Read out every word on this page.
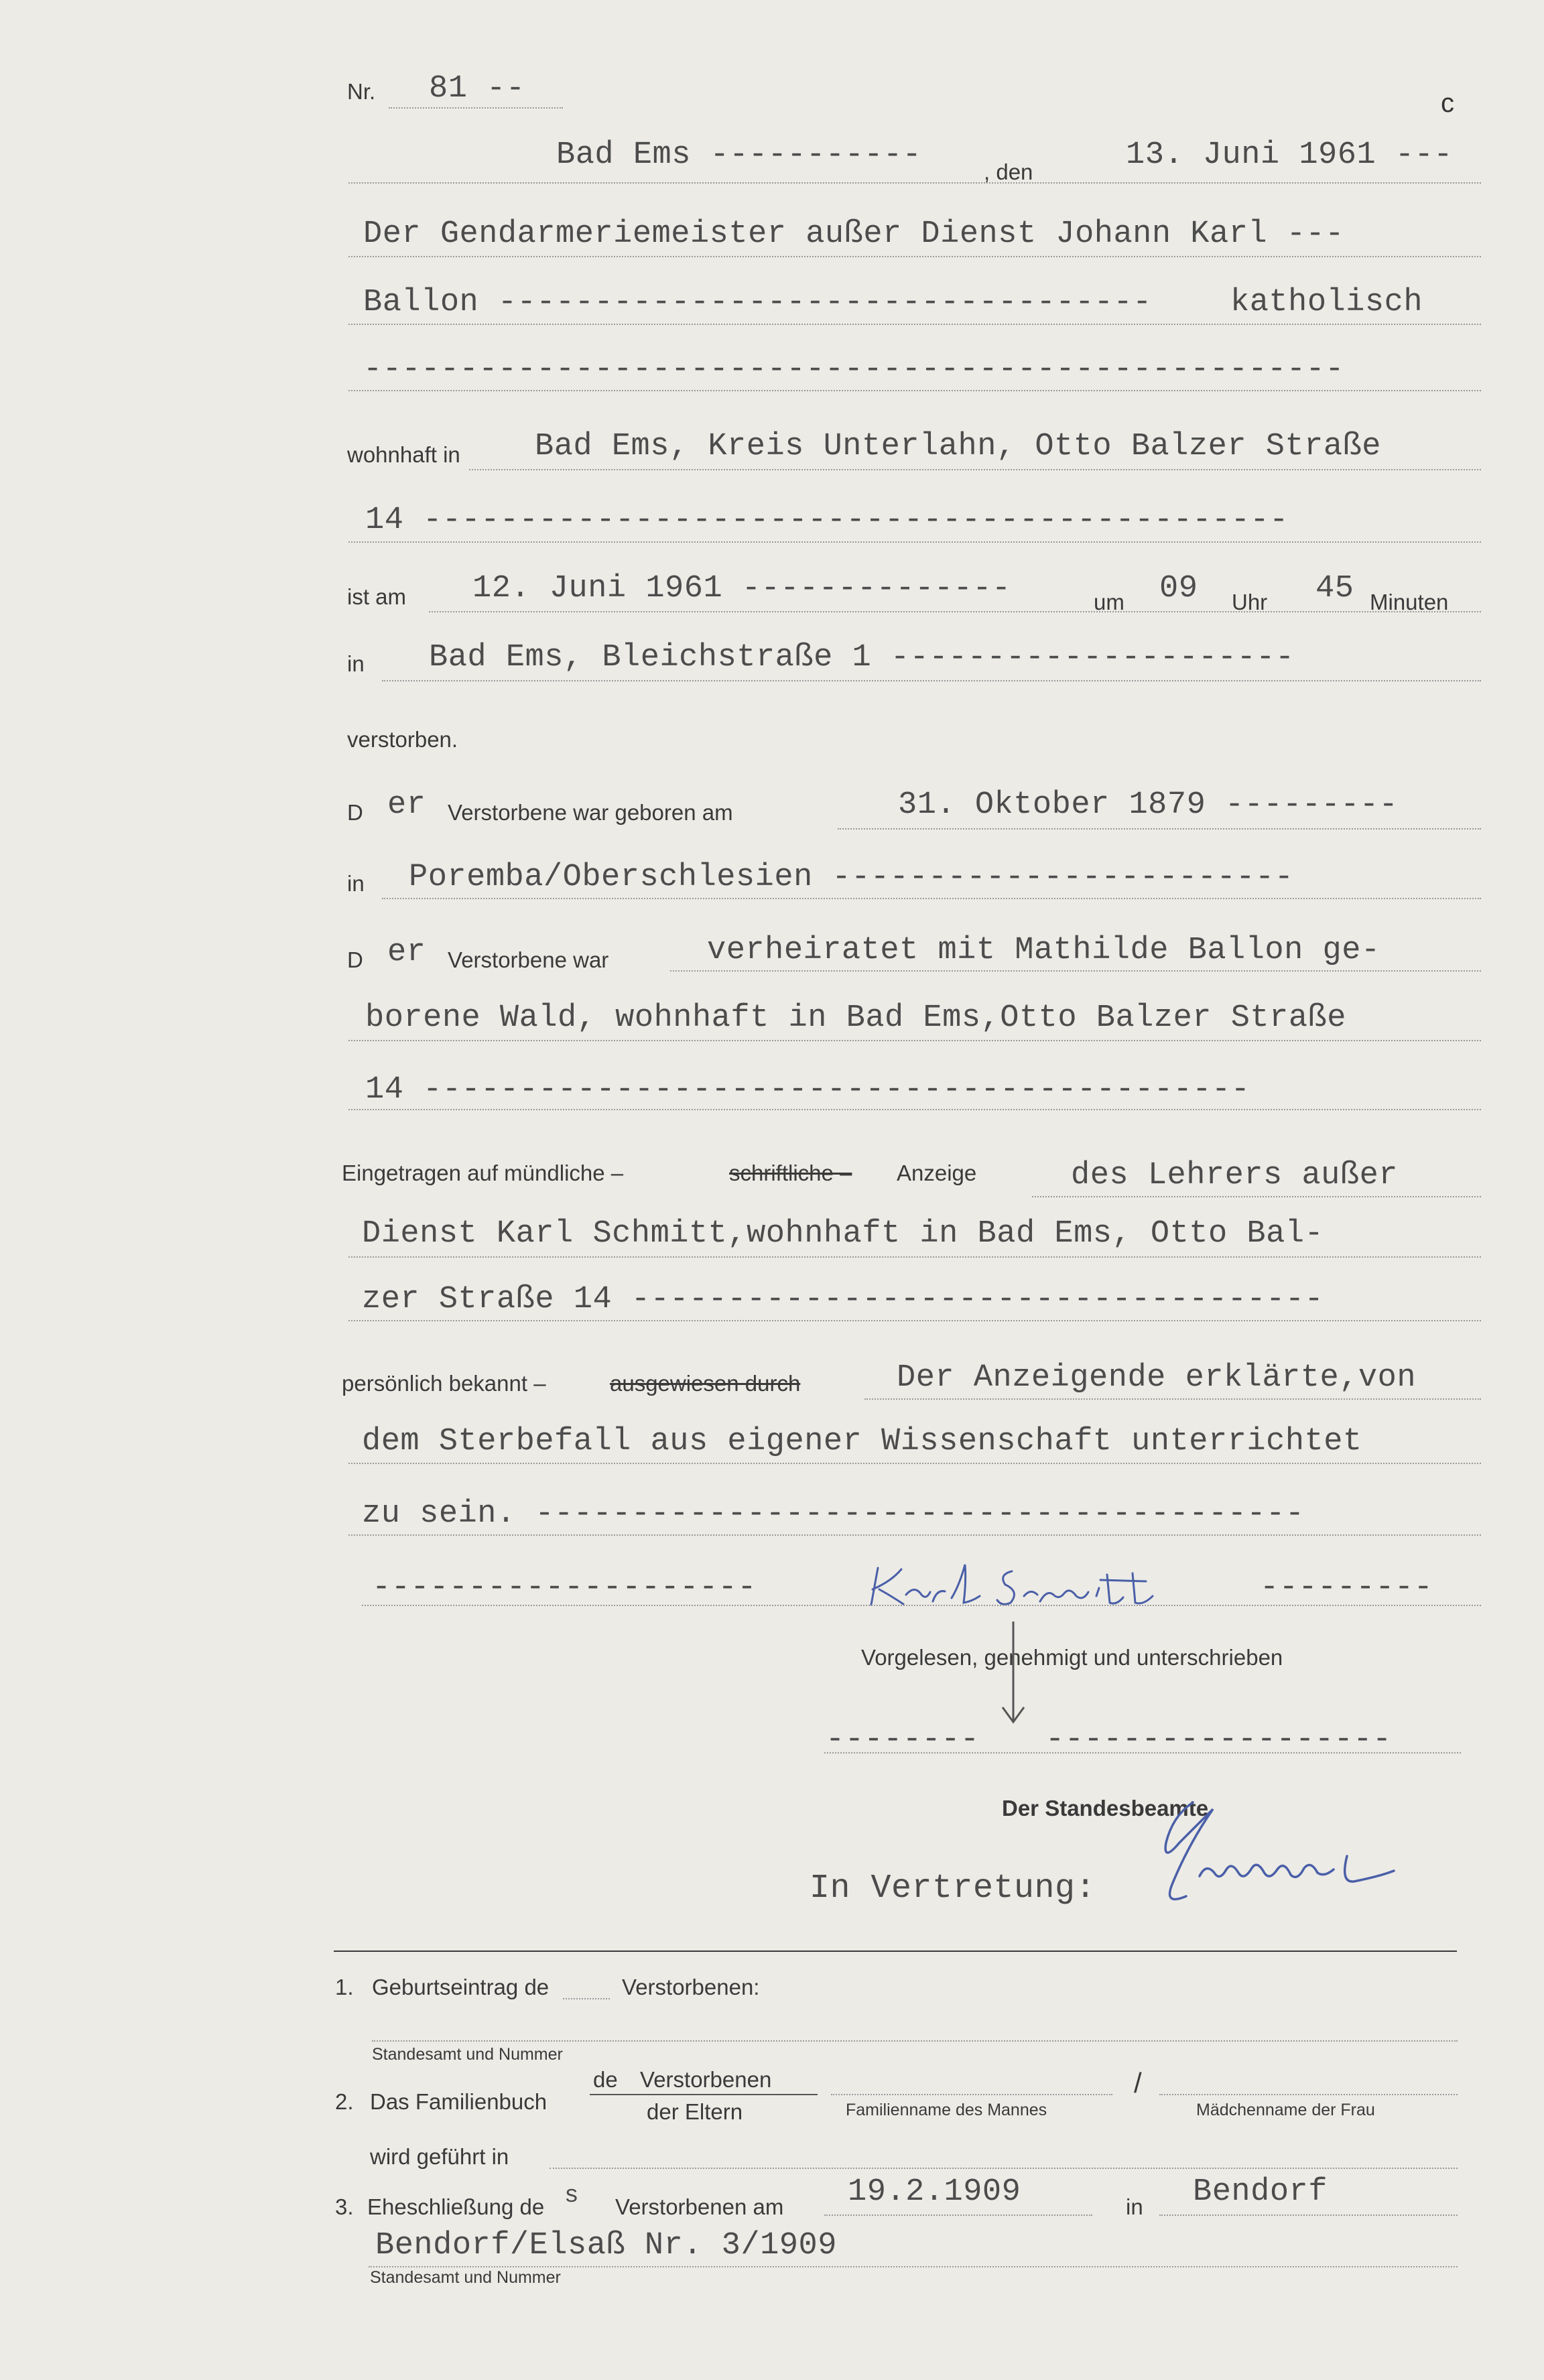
Nr. 81 --	c
Bad Ems -----------	, den	13. Juni 1961 ---
Der Gendarmeriemeister außer Dienst Johann Karl ---
Ballon ---------------------------------- katholisch
---------------------------------------------------
wohnhaft in Bad Ems, Kreis Unterlahn, Otto Balzer Straße
14 ---------------------------------------------
ist am 12. Juni 1961 --------------	um 09 Uhr 45 Minuten
in Bad Ems, Bleichstraße 1 ---------------------
verstorben.
D er Verstorbene war geboren am	31. Oktober 1879 ---------
in Poremba/Oberschlesien ------------------------
D er Verstorbene war	verheiratet mit Mathilde Ballon ge-
borene Wald, wohnhaft in Bad Ems,Otto Balzer Straße
14 -------------------------------------------
Eingetragen auf mündliche –	schriftliche – Anzeige	des Lehrers außer
Dienst Karl Schmitt,wohnhaft in Bad Ems, Otto Bal-
zer Straße 14 ------------------------------------
persönlich bekannt –	ausgewiesen durch	Der Anzeigende erklärte,von
dem Sterbefall aus eigener Wissenschaft unterrichtet
zu sein. ----------------------------------------
--------------------	---------
Vorgelesen, genehmigt und unterschrieben
-------- ------------------
Der Standesbeamte
In Vertretung:
1. Geburtseintrag de	Verstorbenen:
Standesamt und Nummer
2. Das Familienbuch
de Verstorbenen
der Eltern	Familienname des Mannes
/
Mädchenname der Frau
wird geführt in
3. Eheschließung de s Verstorbenen am 19.2.1909	in Bendorf
Bendorf/Elsaß Nr. 3/1909
Standesamt und Nummer
